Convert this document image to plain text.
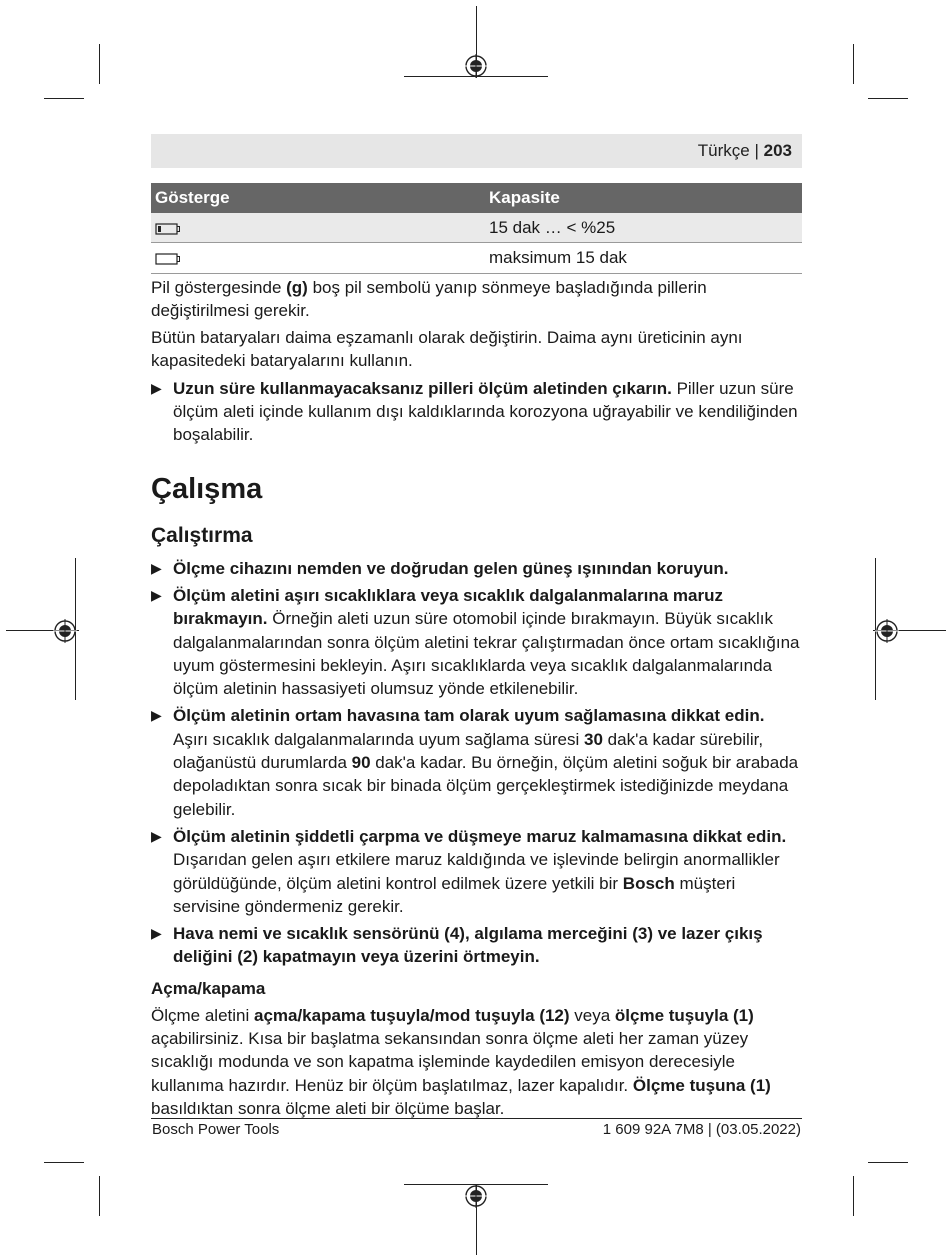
Türkçe | 203
Gösterge	Kapasite
	15 dak … < %25
	maksimum 15 dak

Pil göstergesinde (g) boş pil sembolü yanıp sönmeye başladığında pillerin değiştirilmesi gerekir.

Bütün bataryaları daima eşzamanlı olarak değiştirin. Daima aynı üreticinin aynı kapasitedeki bataryalarını kullanın.

▶ Uzun süre kullanmayacaksanız pilleri ölçüm aletinden çıkarın. Piller uzun süre ölçüm aleti içinde kullanım dışı kaldıklarında korozyona uğrayabilir ve kendiliğinden boşalabilir.
Çalışma
Çalıştırma
▶ Ölçme cihazını nemden ve doğrudan gelen güneş ışınından koruyun.
▶ Ölçüm aletini aşırı sıcaklıklara veya sıcaklık dalgalanmalarına maruz bırakmayın. Örneğin aleti uzun süre otomobil içinde bırakmayın. Büyük sıcaklık dalgalanmalarından sonra ölçüm aletini tekrar çalıştırmadan önce ortam sıcaklığına uyum göstermesini bekleyin. Aşırı sıcaklıklarda veya sıcaklık dalgalanmalarında ölçüm aletinin hassasiyeti olumsuz yönde etkilenebilir.
▶ Ölçüm aletinin ortam havasına tam olarak uyum sağlamasına dikkat edin. Aşırı sıcaklık dalgalanmalarında uyum sağlama süresi 30 dak'a kadar sürebilir, olağanüstü durumlarda 90 dak'a kadar. Bu örneğin, ölçüm aletini soğuk bir arabada depoladıktan sonra sıcak bir binada ölçüm gerçekleştirmek istediğinizde meydana gelebilir.
▶ Ölçüm aletinin şiddetli çarpma ve düşmeye maruz kalmamasına dikkat edin. Dışarıdan gelen aşırı etkilere maruz kaldığında ve işlevinde belirgin anormallikler görüldüğünde, ölçüm aletini kontrol edilmek üzere yetkili bir Bosch müşteri servisine göndermeniz gerekir.
▶ Hava nemi ve sıcaklık sensörünü (4), algılama merceğini (3) ve lazer çıkış deliğini (2) kapatmayın veya üzerini örtmeyin.
Açma/kapama

Ölçme aletini açma/kapama tuşuyla/mod tuşuyla (12) veya ölçme tuşuyla (1) açabilirsiniz. Kısa bir başlatma sekansından sonra ölçme aleti her zaman yüzey sıcaklığı modunda ve son kapatma işleminde kaydedilen emisyon derecesiyle kullanıma hazırdır. Henüz bir ölçüm başlatılmaz, lazer kapalıdır. Ölçme tuşuna (1) basıldıktan sonra ölçme aleti bir ölçüme başlar.

Bosch Power Tools	1 609 92A 7M8 | (03.05.2022)
